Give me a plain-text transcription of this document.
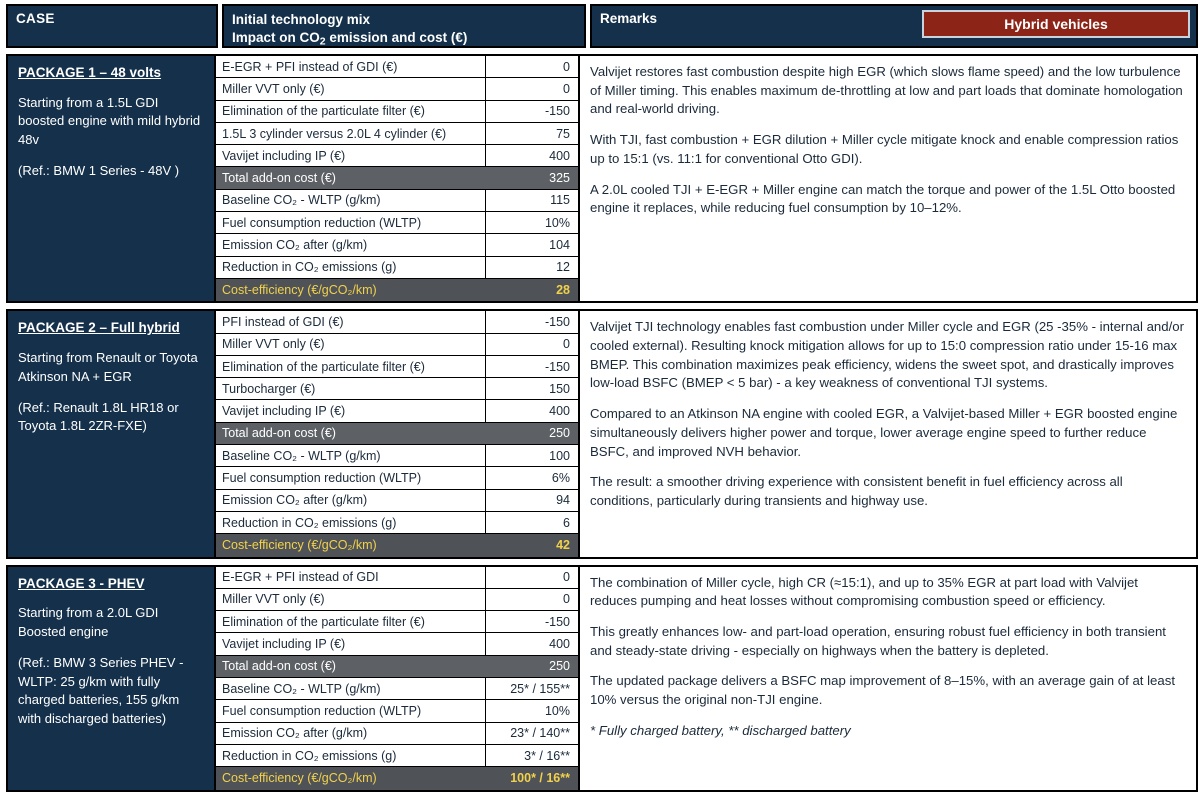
CASE	Initial technology mix
Impact on $CO_2$ emission and cost (€)
Remarks	Hybrid vehicles
PACKAGE 1 – 48 volts
Starting from a 1.5L GDI boosted engine with mild hybrid 48v
(Ref.: BMW 1 Series - 48V )
E-EGR + PFI instead of GDI (€)	0
Miller VVT only (€)	0
Elimination of the particulate filter (€)	-150
1.5L 3 cylinder versus 2.0L 4 cylinder (€)	75
Vavijet including IP (€)	400
Total add-on cost (€)	325
Baseline CO₂ - WLTP (g/km)	115
Fuel consumption reduction (WLTP)	10%
Emission CO₂ after (g/km)	104
Reduction in CO₂ emissions (g)	12
Cost-efficiency (€/gCO₂/km)	28

Valvijet restores fast combustion despite high EGR (which slows flame speed) and the low turbulence of Miller timing. This enables maximum de-throttling at low and part loads that dominate homologation and real-world driving.

With TJI, fast combustion + EGR dilution + Miller cycle mitigate knock and enable compression ratios up to 15:1 (vs. 11:1 for conventional Otto GDI).

A 2.0L cooled TJI + E-EGR + Miller engine can match the torque and power of the 1.5L Otto boosted engine it replaces, while reducing fuel consumption by 10–12%.

PACKAGE 2 – Full hybrid
Starting from Renault or Toyota Atkinson NA + EGR
(Ref.: Renault 1.8L HR18 or Toyota 1.8L 2ZR-FXE)
PFI instead of GDI (€)	-150
Miller VVT only (€)	0
Elimination of the particulate filter (€)	-150
Turbocharger (€)	150
Vavijet including IP (€)	400
Total add-on cost (€)	250
Baseline CO₂ - WLTP (g/km)	100
Fuel consumption reduction (WLTP)	6%
Emission CO₂ after (g/km)	94
Reduction in CO₂ emissions (g)	6
Cost-efficiency (€/gCO₂/km)	42

Valvijet TJI technology enables fast combustion under Miller cycle and EGR (25 -35% - internal and/or cooled external). Resulting knock mitigation allows for up to 15:0 compression ratio under 15-16 max BMEP. This combination maximizes peak efficiency, widens the sweet spot, and drastically improves low-load BSFC (BMEP < 5 bar) - a key weakness of conventional TJI systems.

Compared to an Atkinson NA engine with cooled EGR, a Valvijet-based Miller + EGR boosted engine simultaneously delivers higher power and torque, lower average engine speed to further reduce BSFC, and improved NVH behavior.

The result: a smoother driving experience with consistent benefit in fuel efficiency across all conditions, particularly during transients and highway use.

PACKAGE 3 - PHEV
Starting from a 2.0L GDI Boosted engine
(Ref.: BMW 3 Series PHEV - WLTP: 25 g/km with fully charged batteries, 155 g/km with discharged batteries)
E-EGR + PFI instead of GDI	0
Miller VVT only (€)	0
Elimination of the particulate filter (€)	-150
Vavijet including IP (€)	400
Total add-on cost (€)	250
Baseline CO₂ - WLTP (g/km)	25* / 155**
Fuel consumption reduction (WLTP)	10%
Emission CO₂ after (g/km)	23* / 140**
Reduction in CO₂ emissions (g)	3* / 16**
Cost-efficiency (€/gCO₂/km)	100* / 16**

The combination of Miller cycle, high CR (≈15:1), and up to 35% EGR at part load with Valvijet reduces pumping and heat losses without compromising combustion speed or efficiency.

This greatly enhances low- and part-load operation, ensuring robust fuel efficiency in both transient and steady-state driving - especially on highways when the battery is depleted.

The updated package delivers a BSFC map improvement of 8–15%, with an average gain of at least 10% versus the original non-TJI engine.

* Fully charged battery, ** discharged battery
